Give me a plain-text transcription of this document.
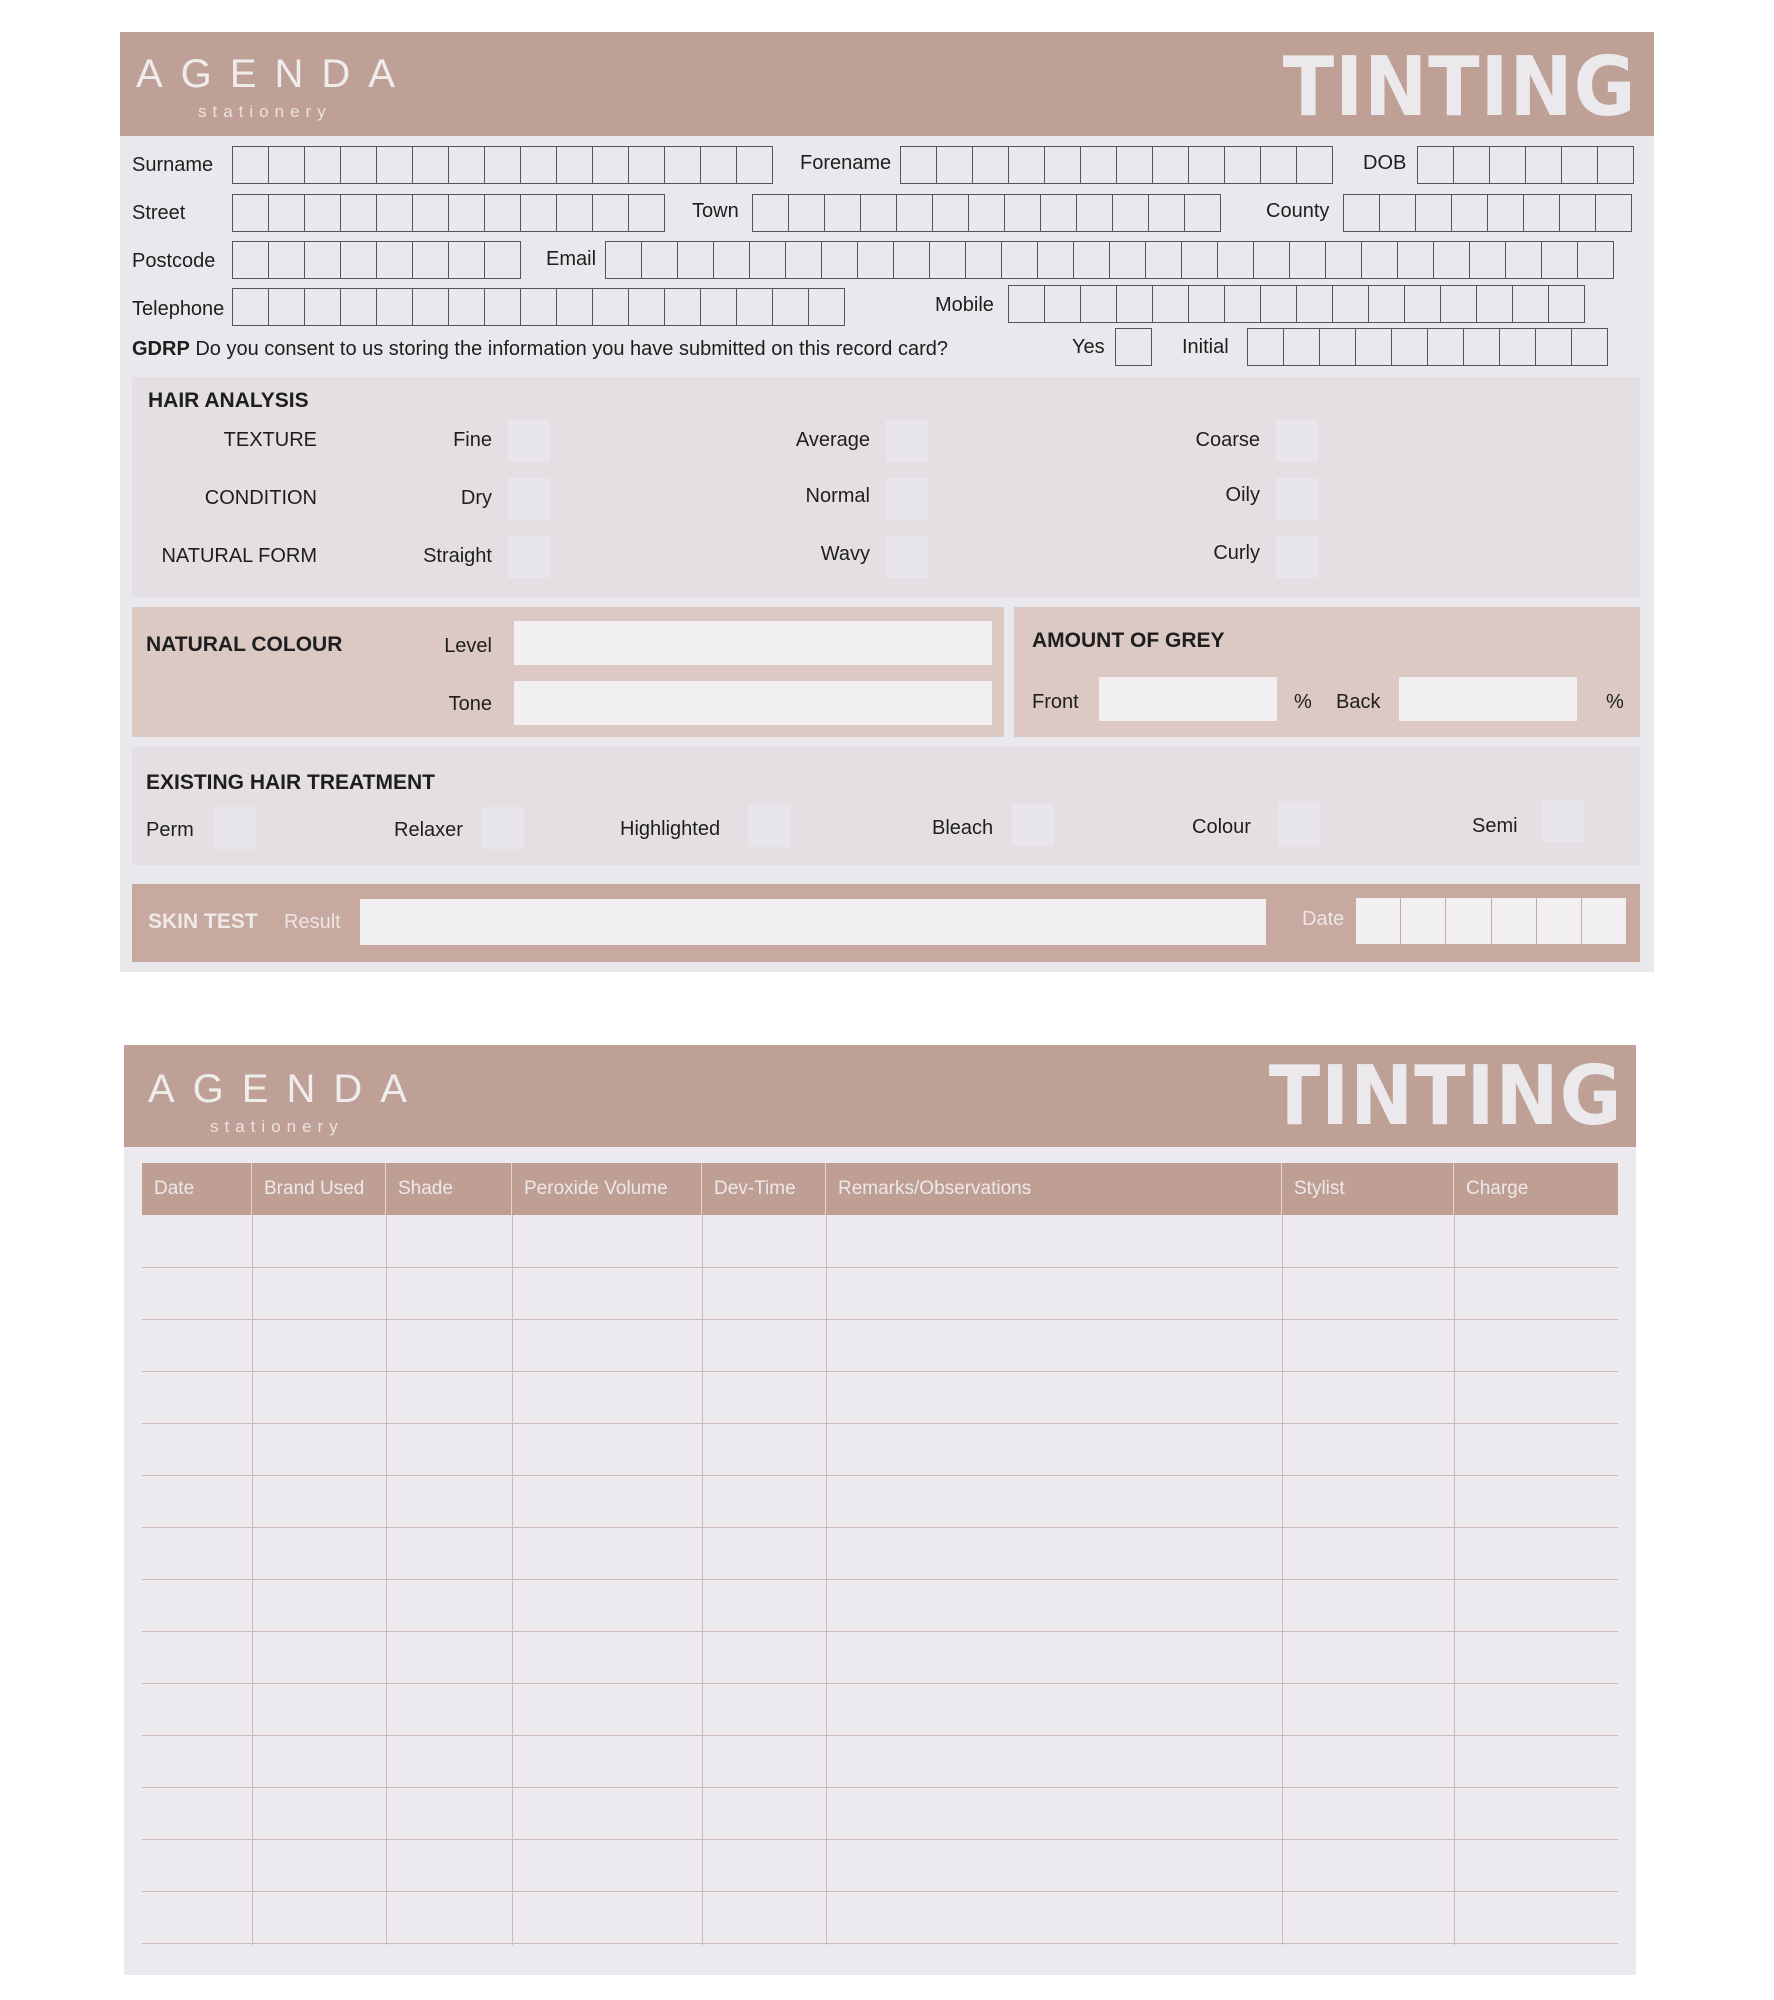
AGENDA
stationery	TINTING
Surname	Forename	DOB
Street	Town	County
Postcode	Email
Telephone	Mobile
GDRP Do you consent to us storing the information you have submitted on this record card?	Yes	Initial
HAIR ANALYSIS
TEXTURE	Fine	Average	Coarse
CONDITION	Dry	Normal	Oily
NATURAL FORM	Straight	Wavy	Curly
NATURAL COLOUR	Level
Tone
AMOUNT OF GREY
Front	% Back	%
EXISTING HAIR TREATMENT
Perm	Relaxer	Highlighted	Bleach	Colour	Semi
SKIN TEST Result	Date
AGENDA
stationery	TINTING
Date	Brand Used	Shade	Peroxide Volume	Dev-Time	Remarks/Observations	Stylist	Charge
